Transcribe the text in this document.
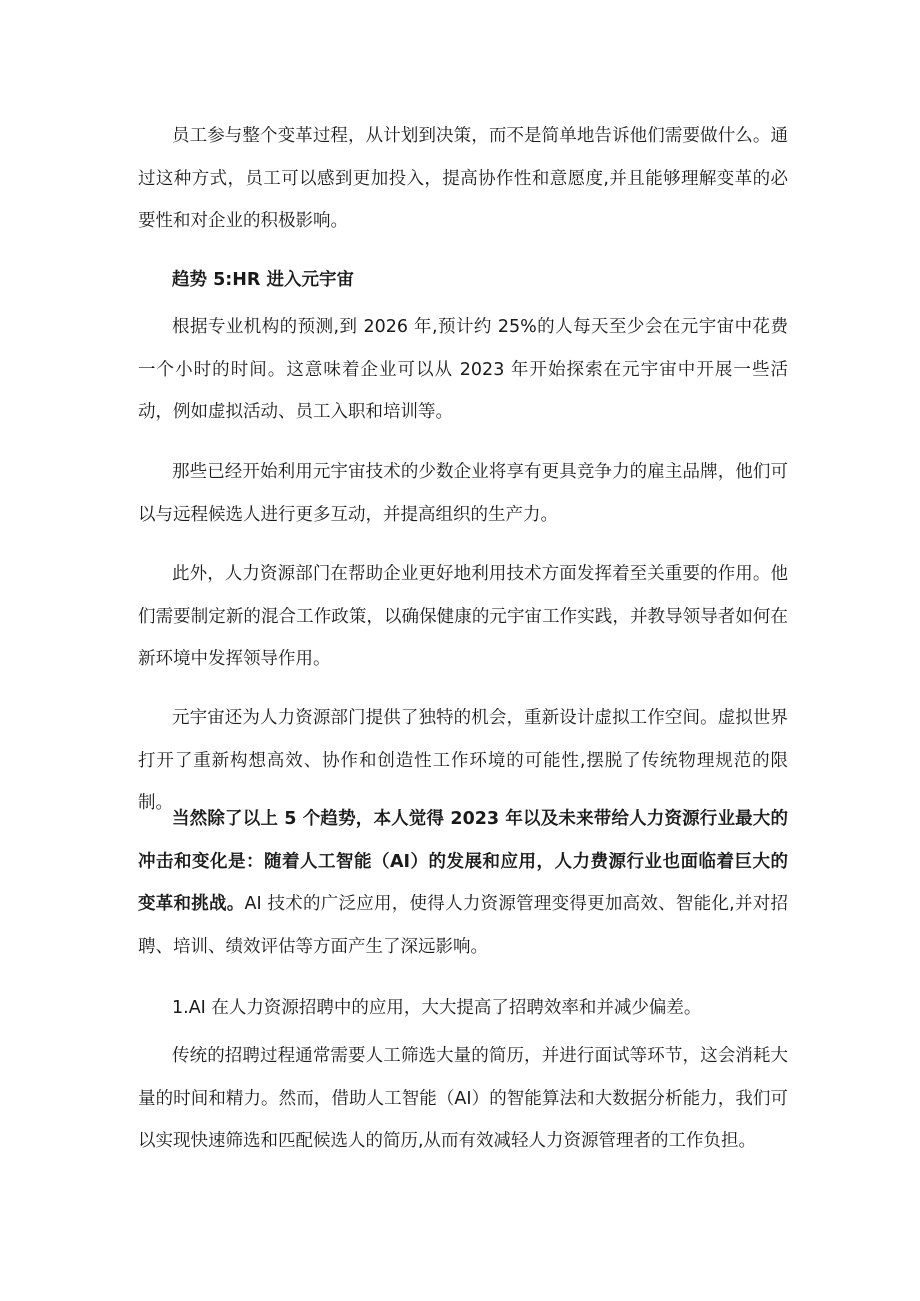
员工参与整个变革过程，从计划到决策，而不是简单地告诉他们需要做什么。通过这种方式，员工可以感到更加投入，提高协作性和意愿度,并且能够理解变革的必要性和对企业的积极影响。

趋势 5:HR 进入元宇宙

根据专业机构的预测,到 2026 年,预计约 25%的人每天至少会在元宇宙中花费一个小时的时间。这意味着企业可以从 2023 年开始探索在元宇宙中开展一些活动，例如虚拟活动、员工入职和培训等。

那些已经开始利用元宇宙技术的少数企业将享有更具竞争力的雇主品牌，他们可以与远程候选人进行更多互动，并提高组织的生产力。

此外，人力资源部门在帮助企业更好地利用技术方面发挥着至关重要的作用。他们需要制定新的混合工作政策，以确保健康的元宇宙工作实践，并教导领导者如何在新环境中发挥领导作用。

元宇宙还为人力资源部门提供了独特的机会，重新设计虚拟工作空间。虚拟世界打开了重新构想高效、协作和创造性工作环境的可能性,摆脱了传统物理规范的限制。

当然除了以上 5 个趋势，本人觉得 2023 年以及未来带给人力资源行业最大的冲击和变化是：随着人工智能（AI）的发展和应用，人力费源行业也面临着巨大的变革和挑战。AI 技术的广泛应用，使得人力资源管理变得更加高效、智能化,并对招聘、培训、绩效评估等方面产生了深远影响。

1.AI 在人力资源招聘中的应用，大大提高了招聘效率和并减少偏差。

传统的招聘过程通常需要人工筛选大量的简历，并进行面试等环节，这会消耗大量的时间和精力。然而，借助人工智能（AI）的智能算法和大数据分析能力，我们可以实现快速筛选和匹配候选人的简历,从而有效减轻人力资源管理者的工作负担。
